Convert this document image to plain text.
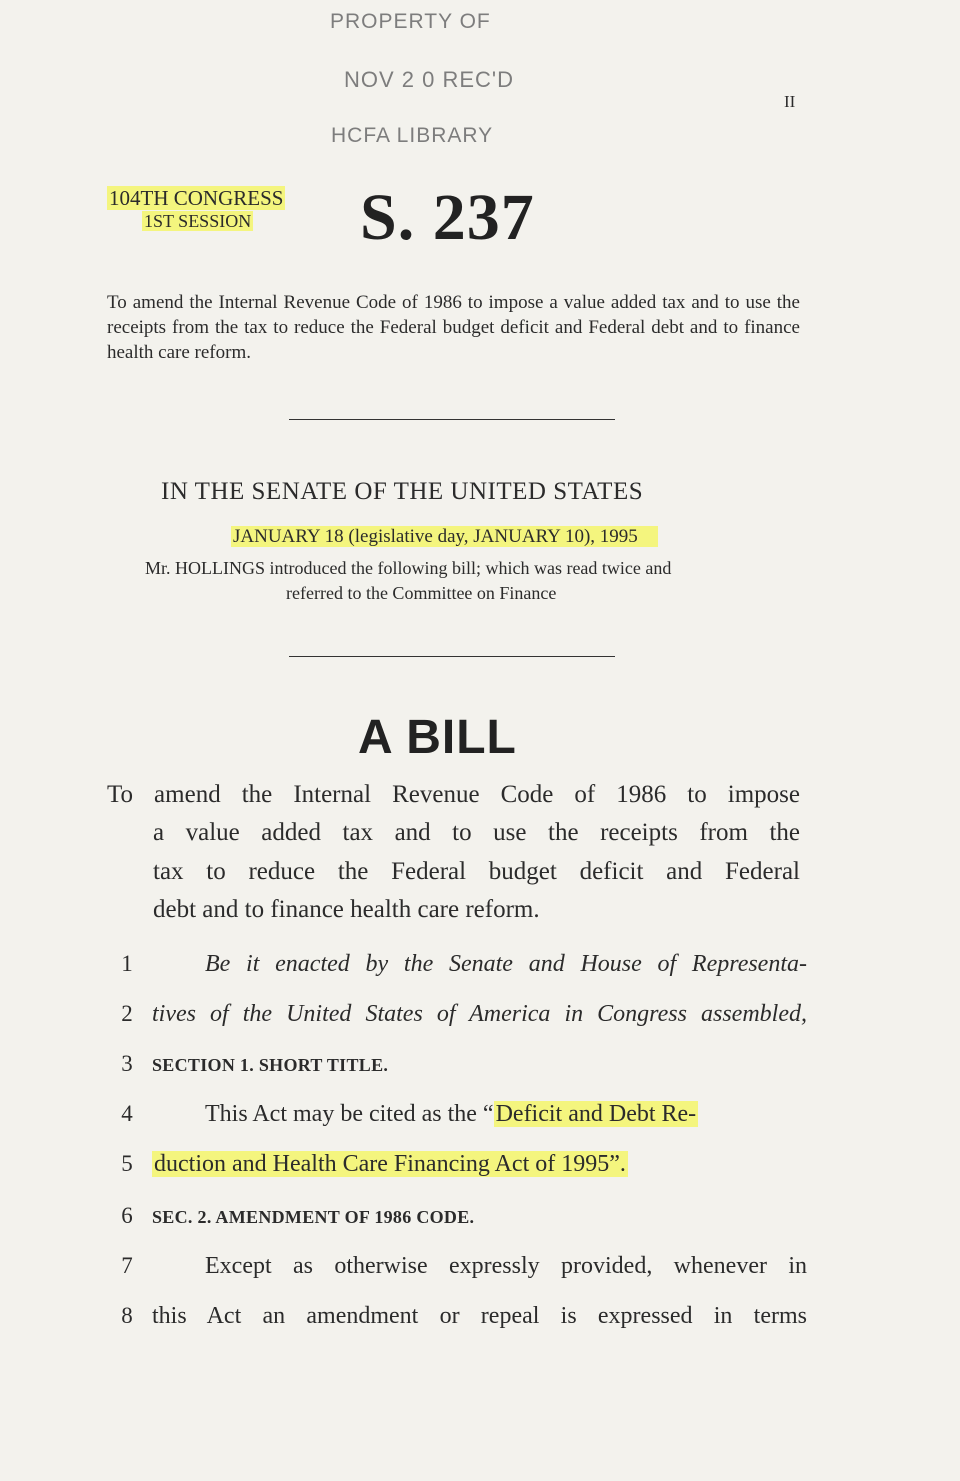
PROPERTY OF
NOV 2 0 REC'D
HCFA LIBRARY
II
104TH CONGRESS
1ST SESSION S. 237
To amend the Internal Revenue Code of 1986 to impose a value added tax and to use the receipts from the tax to reduce the Federal budget deficit and Federal debt and to finance health care reform.
IN THE SENATE OF THE UNITED STATES
JANUARY 18 (legislative day, JANUARY 10), 1995
Mr. HOLLINGS introduced the following bill; which was read twice and
referred to the Committee on Finance
A BILL
To amend the Internal Revenue Code of 1986 to impose
a value added tax and to use the receipts from the
tax to reduce the Federal budget deficit and Federal
debt and to finance health care reform.
1	Be it enacted by the Senate and House of Representa-
2 tives of the United States of America in Congress assembled,
3 SECTION 1. SHORT TITLE.
4	This Act may be cited as the “Deficit and Debt Re-
5 duction and Health Care Financing Act of 1995”.
6 SEC. 2. AMENDMENT OF 1986 CODE.
7	Except as otherwise expressly provided, whenever in
8 this Act an amendment or repeal is expressed in terms
